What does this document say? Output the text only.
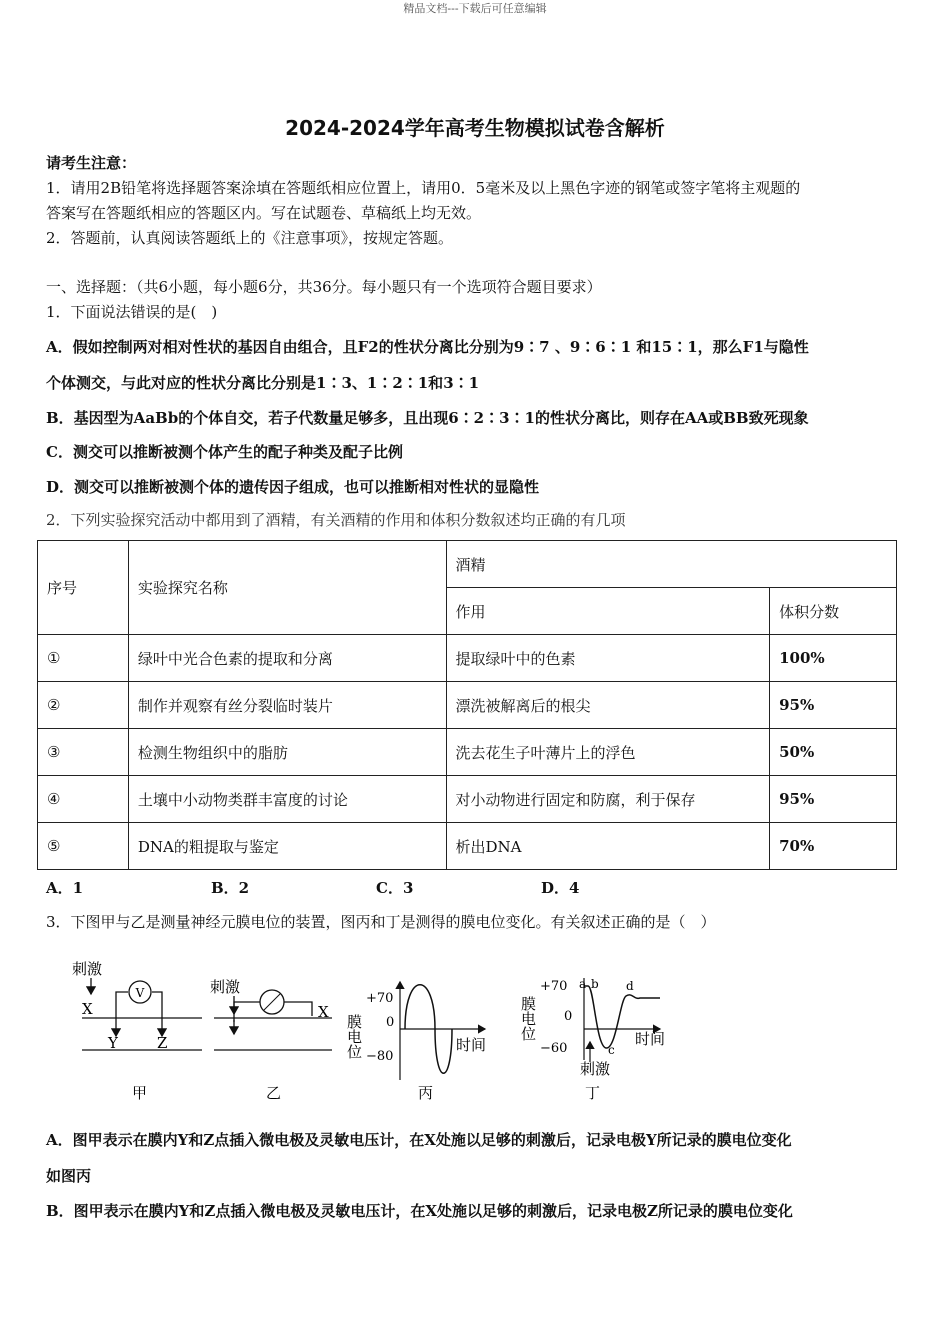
精品文档---下载后可任意编辑
2024-2024学年高考生物模拟试卷含解析
请考生注意：
1．请用2B铅笔将选择题答案涂填在答题纸相应位置上，请用0．5毫米及以上黑色字迹的钢笔或签字笔将主观题的
答案写在答题纸相应的答题区内。写在试题卷、草稿纸上均无效。
2．答题前，认真阅读答题纸上的《注意事项》，按规定答题。
一、选择题：（共6小题，每小题6分，共36分。每小题只有一个选项符合题目要求）
1．下面说法错误的是(　)
A．假如控制两对相对性状的基因自由组合，且F2的性状分离比分别为9∶7 、9∶6∶1 和15∶1，那么F1与隐性
个体测交，与此对应的性状分离比分别是1∶3、1∶2∶1和3∶1
B．基因型为AaBb的个体自交，若子代数量足够多，且出现6∶2∶3∶1的性状分离比，则存在AA或BB致死现象
C．测交可以推断被测个体产生的配子种类及配子比例
D．测交可以推断被测个体的遗传因子组成，也可以推断相对性状的显隐性
2．下列实验探究活动中都用到了酒精，有关酒精的作用和体积分数叙述均正确的有几项
序号	实验探究名称	酒精	
		作用	体积分数
①	绿叶中光合色素的提取和分离	提取绿叶中的色素	100%
②	制作并观察有丝分裂临时装片	漂洗被解离后的根尖	95%
③	检测生物组织中的脂肪	洗去花生子叶薄片上的浮色	50%
④	土壤中小动物类群丰富度的讨论	对小动物进行固定和防腐，利于保存	95%
⑤	DNA的粗提取与鉴定	析出DNA	70%
A．1	B．2	C．3	D．4
3．下图甲与乙是测量神经元膜电位的装置，图丙和丁是测得的膜电位变化。有关叙述正确的是（　）
刺激
X
V
Y	Z
甲
刺激
X
乙
+70
0
−80
膜电位	时间
丙
+70
0
−60
膜电位	时间
a b
c
d
刺激
丁
A．图甲表示在膜内Y和Z点插入微电极及灵敏电压计，在X处施以足够的刺激后，记录电极Y所记录的膜电位变化
如图丙
B．图甲表示在膜内Y和Z点插入微电极及灵敏电压计，在X处施以足够的刺激后，记录电极Z所记录的膜电位变化
